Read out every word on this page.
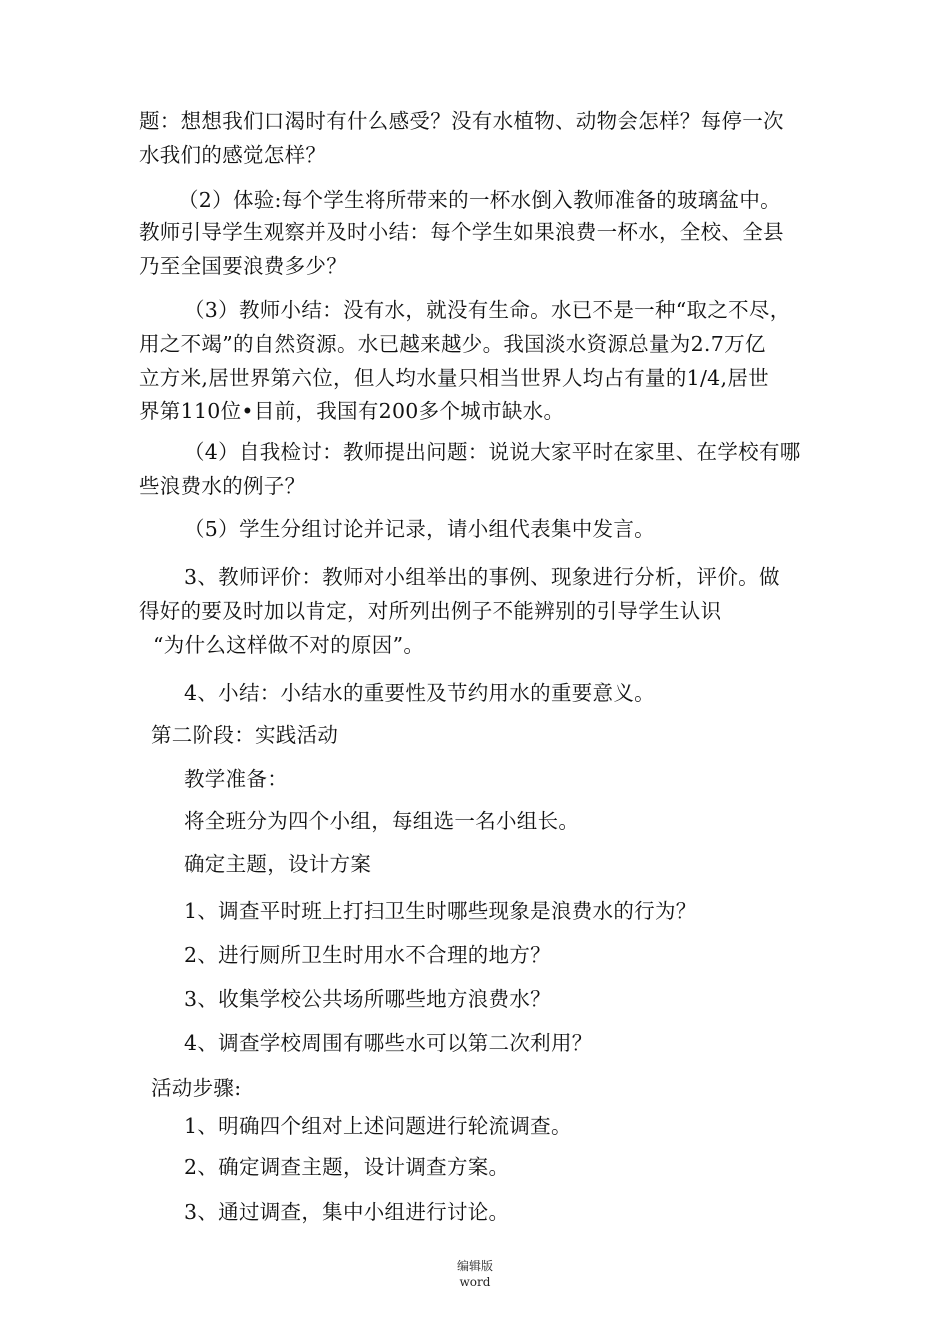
题：想想我们口渴时有什么感受？没有水植物、动物会怎样？每停一次
水我们的感觉怎样？
（2）体验:每个学生将所带来的一杯水倒入教师准备的玻璃盆中。
教师引导学生观察并及时小结：每个学生如果浪费一杯水，全校、全县
乃至全国要浪费多少？
（3）教师小结：没有水，就没有生命。水已不是一种“取之不尽，
用之不竭”的自然资源。水已越来越少。我国淡水资源总量为2.7万亿
立方米,居世界第六位，但人均水量只相当世界人均占有量的1/4,居世
界第110位•目前，我国有200多个城市缺水。
（4）自我检讨：教师提出问题：说说大家平时在家里、在学校有哪
些浪费水的例子？
（5）学生分组讨论并记录，请小组代表集中发言。
3、教师评价：教师对小组举出的事例、现象进行分析，评价。做
得好的要及时加以肯定，对所列出例子不能辨别的引导学生认识
“为什么这样做不对的原因”。
4、小结：小结水的重要性及节约用水的重要意义。
第二阶段：实践活动
教学准备：
将全班分为四个小组，每组选一名小组长。
确定主题，设计方案
1、调查平时班上打扫卫生时哪些现象是浪费水的行为？
2、进行厕所卫生时用水不合理的地方？
3、收集学校公共场所哪些地方浪费水？
4、调查学校周围有哪些水可以第二次利用？
活动步骤:
1、明确四个组对上述问题进行轮流调查。
2、确定调查主题，设计调查方案。
3、通过调查，集中小组进行讨论。
编辑版
word
